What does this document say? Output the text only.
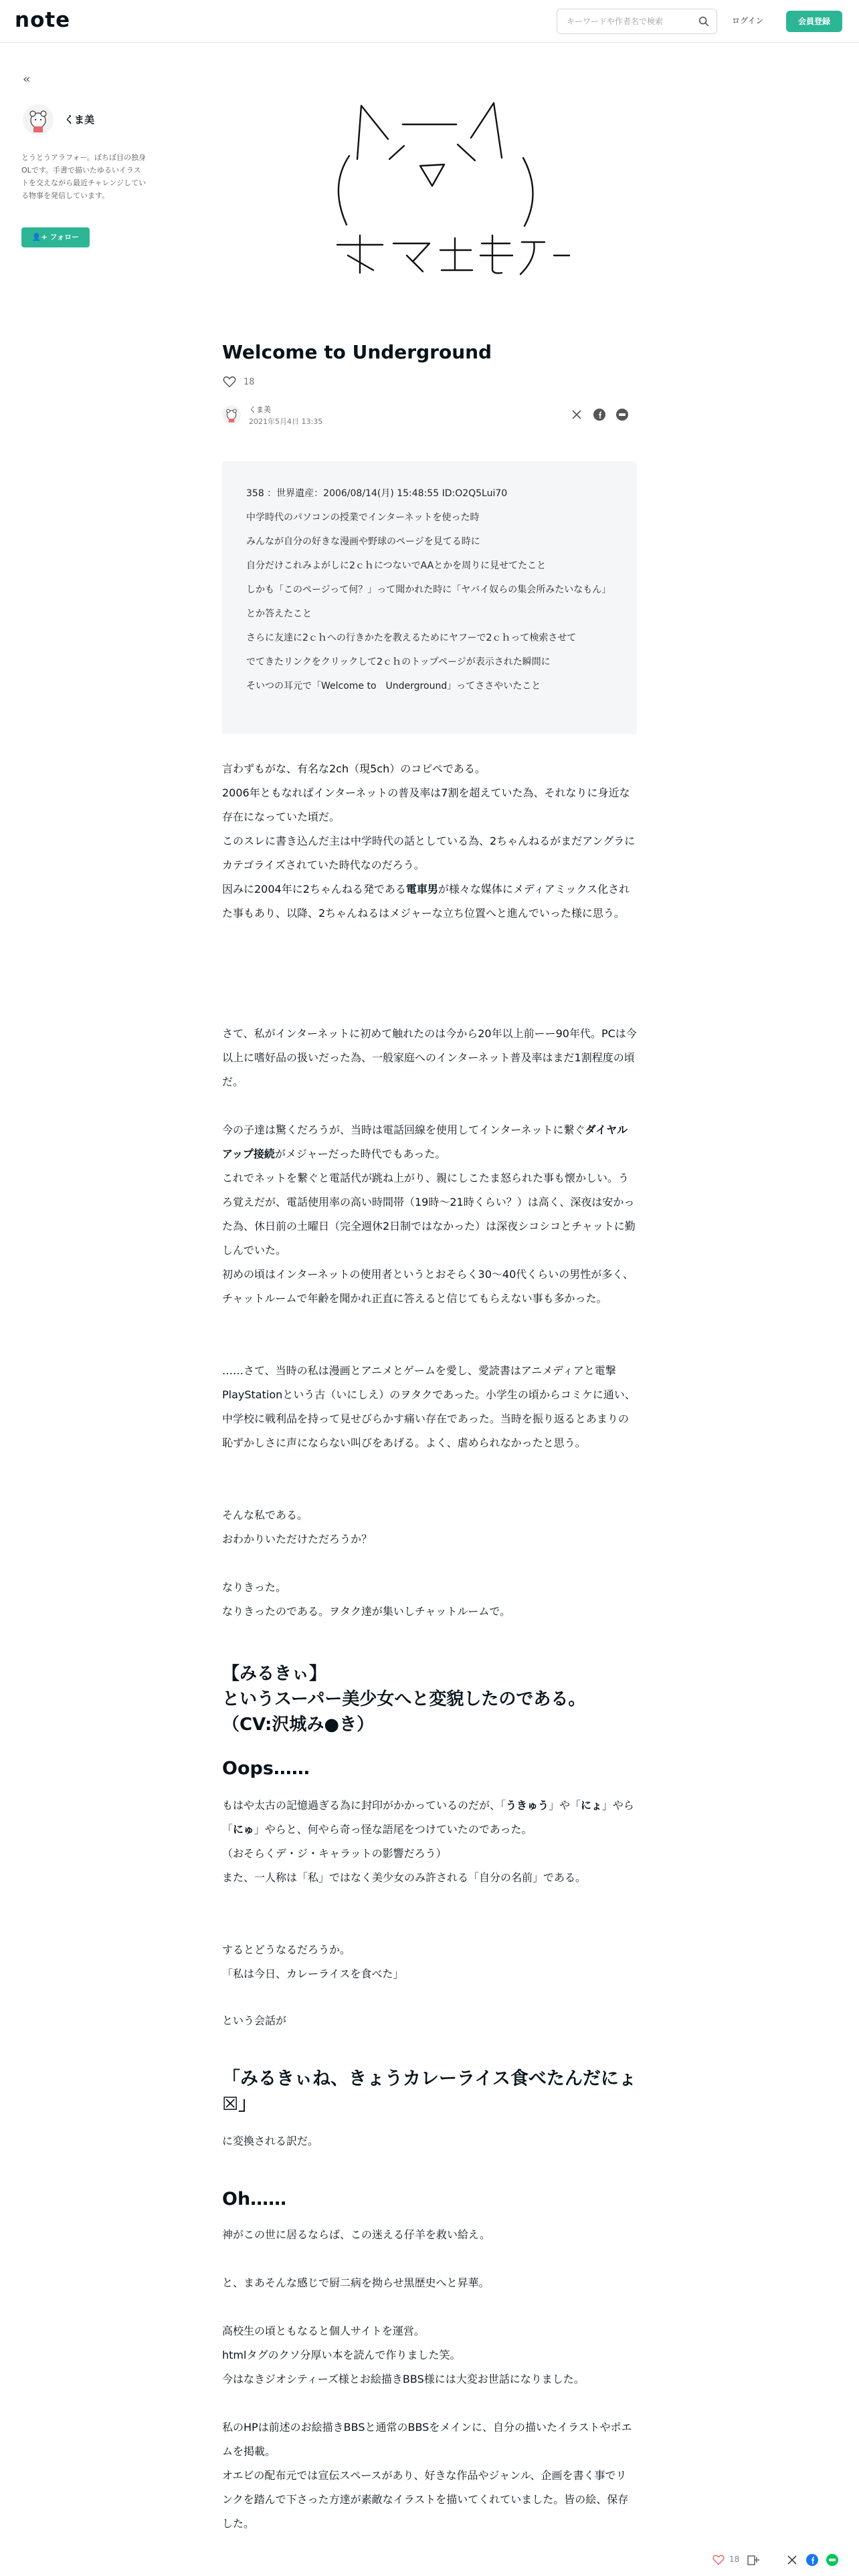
note
キーワードや作者名で検索	ログイン	会員登録
‹‹
くま美
とうとうアラフォー。ぼちぼ目の独身OLです。手書で描いたゆるいイラストを交えながら最近チャレンジしている物事を発信しています。
👤+ フォロー
Welcome to Underground
18
くま美
2021年5月4日 13:35

358 ：世界遺産：2006/08/14(月) 15:48:55 ID:O2Q5Lui70

中学時代のパソコンの授業でインターネットを使った時

みんなが自分の好きな漫画や野球のページを見てる時に

自分だけこれみよがしに2ｃｈにつないでAAとかを周りに見せてたこと

しかも「このページって何？」って聞かれた時に「ヤバイ奴らの集会所みたいなもん」とか答えたこと

さらに友達に2ｃｈへの行きかたを教えるためにヤフーで2ｃｈって検索させて

でてきたリンクをクリックして2ｃｈのトップページが表示された瞬間に

そいつの耳元で「Welcome to　Underground」ってささやいたこと

言わずもがな、有名な2ch（現5ch）のコピペである。

2006年ともなればインターネットの普及率は7割を超えていた為、それなりに身近な存在になっていた頃だ。

このスレに書き込んだ主は中学時代の話としている為、2ちゃんねるがまだアングラにカテゴライズされていた時代なのだろう。

因みに2004年に2ちゃんねる発である電車男が様々な媒体にメディアミックス化された事もあり、以降、2ちゃんねるはメジャーな立ち位置へと進んでいった様に思う。

さて、私がインターネットに初めて触れたのは今から20年以上前ーー90年代。PCは今以上に嗜好品の扱いだった為、一般家庭へのインターネット普及率はまだ1割程度の頃だ。

今の子達は驚くだろうが、当時は電話回線を使用してインターネットに繋ぐダイヤルアップ接続がメジャーだった時代でもあった。

これでネットを繋ぐと電話代が跳ね上がり、親にしこたま怒られた事も懐かしい。うろ覚えだが、電話使用率の高い時間帯（19時〜21時くらい？）は高く、深夜は安かった為、休日前の土曜日（完全週休2日制ではなかった）は深夜シコシコとチャットに勤しんでいた。

初めの頃はインターネットの使用者というとおそらく30〜40代くらいの男性が多く、チャットルームで年齢を聞かれ正直に答えると信じてもらえない事も多かった。

……さて、当時の私は漫画とアニメとゲームを愛し、愛読書はアニメディアと電撃PlayStationという古（いにしえ）のヲタクであった。小学生の頃からコミケに通い、中学校に戦利品を持って見せびらかす痛い存在であった。当時を振り返るとあまりの恥ずかしさに声にならない叫びをあげる。よく、虐められなかったと思う。

そんな私である。

おわかりいただけただろうか？

なりきった。

なりきったのである。ヲタク達が集いしチャットルームで。

【みるきぃ】
というスーパー美少女へと変貌したのである。
（CV:沢城み●き）
Oops……

もはや太古の記憶過ぎる為に封印がかかっているのだが、「うきゅう」や「にょ」やら「にゅ」やらと、何やら奇っ怪な語尾をつけていたのであった。

（おそらくデ・ジ・キャラットの影響だろう）

また、一人称は「私」ではなく美少女のみ許される「自分の名前」である。

するとどうなるだろうか。

「私は今日、カレーライスを食べた」

という会話が
「みるきぃね、きょうカレーライス食べたんだにょ☒」
に変換される訳だ。
Oh……
神がこの世に居るならば、この迷える仔羊を救い給え。
と、まあそんな感じで厨二病を拗らせ黒歴史へと昇華。

高校生の頃ともなると個人サイトを運営。

htmlタグのクソ分厚い本を読んで作りました笑。

今はなきジオシティーズ様とお絵描きBBS様には大変お世話になりました。

私のHPは前述のお絵描きBBSと通常のBBSをメインに、自分の描いたイラストやポエムを掲載。

オエビの配布元では宣伝スペースがあり、好きな作品やジャンル、企画を書く事でリンクを踏んで下さった方達が素敵なイラストを描いてくれていました。皆の絵、保存した。

18
